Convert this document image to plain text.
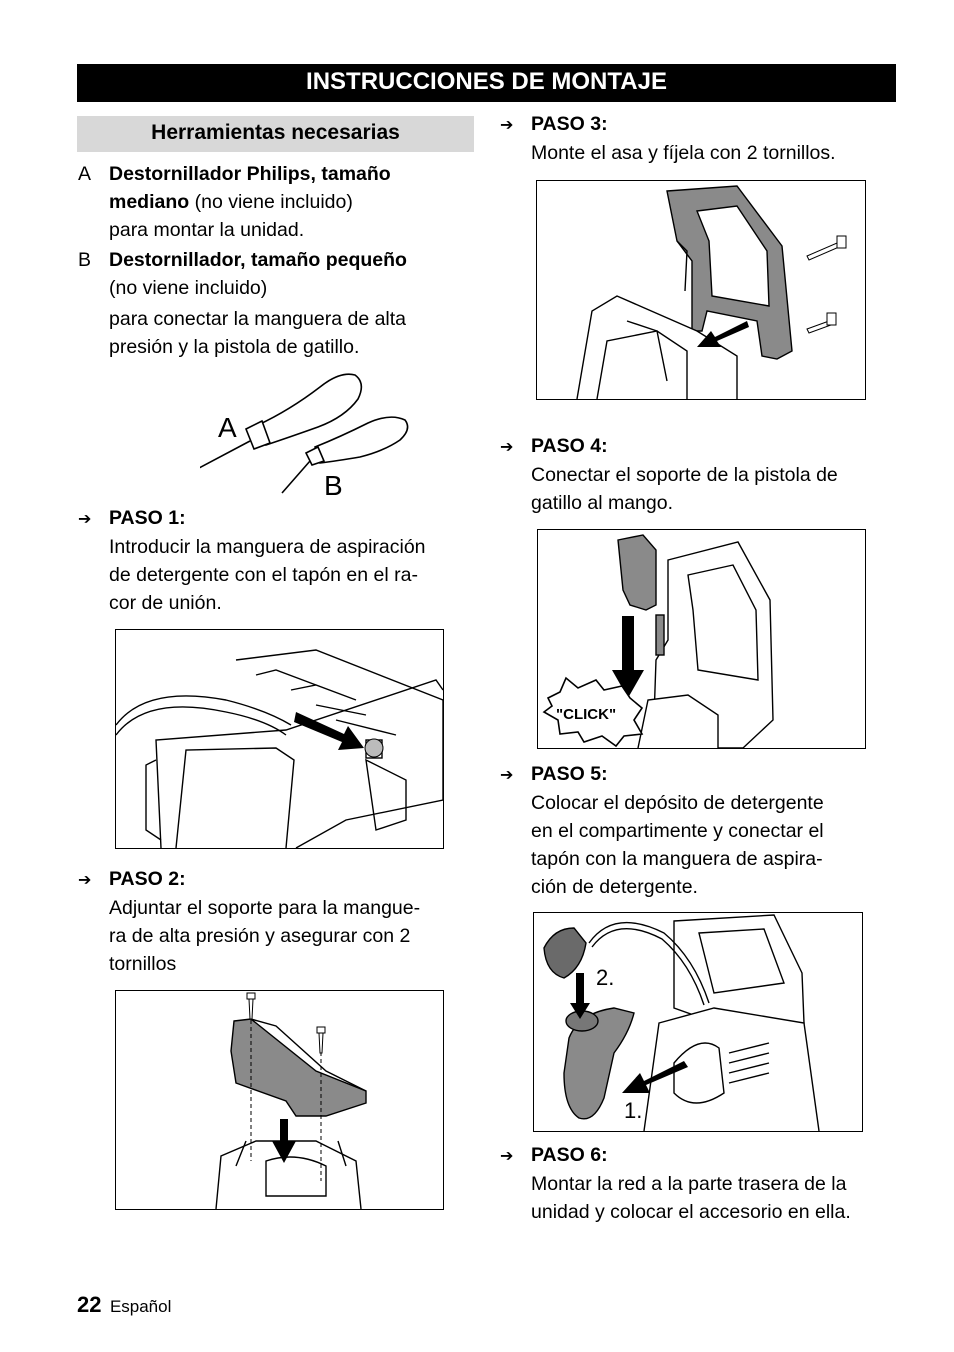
INSTRUCCIONES DE MONTAJE
Herramientas necesarias
A Destornillador Philips, tamaño
mediano (no viene incluido)
para montar la unidad.
B Destornillador, tamaño pequeño
(no viene incluido)
para conectar la manguera de alta
presión y la pistola de gatillo.
A
B
➔ PASO 1:
Introducir la manguera de aspiración
de detergente con el tapón en el ra-
cor de unión.
➔ PASO 2:
Adjuntar el soporte para la mangue-
ra de alta presión y asegurar con 2
tornillos
➔ PASO 3:
Monte el asa y fíjela con 2 tornillos.
➔ PASO 4:
Conectar el soporte de la pistola de
gatillo al mango.
"CLICK"
➔ PASO 5:
Colocar el depósito de detergente
en el compartimente y conectar el
tapón con la manguera de aspira-
ción de detergente.
2.
1.
➔ PASO 6:
Montar la red a la parte trasera de la
unidad y colocar el accesorio en ella.
22 Español
